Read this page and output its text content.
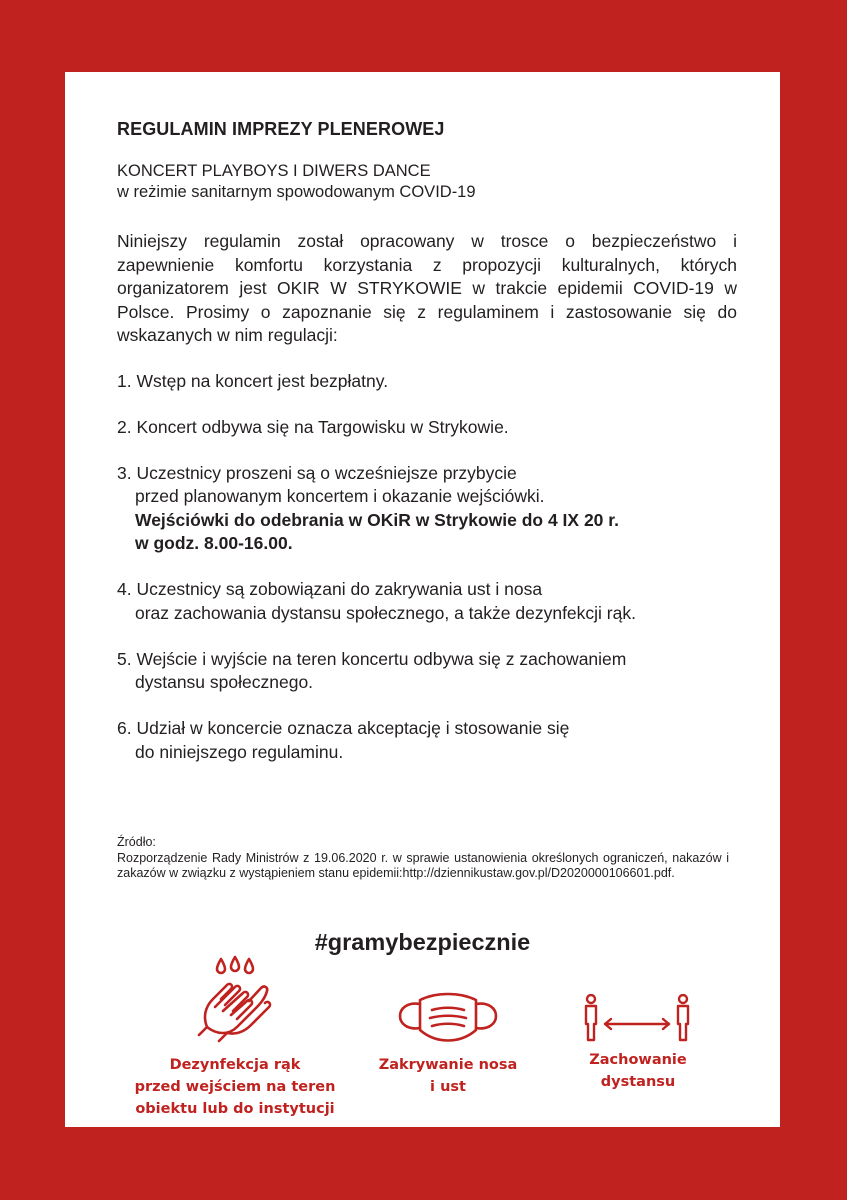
REGULAMIN IMPREZY PLENEROWEJ

KONCERT PLAYBOYS I DIWERS DANCE
w reżimie sanitarnym spowodowanym COVID-19

Niniejszy regulamin został opracowany w trosce o bezpieczeństwo i zapewnienie komfortu korzystania z propozycji kulturalnych, których organizatorem jest OKIR W STRYKOWIE w trakcie epidemii COVID-19 w Polsce. Prosimy o zapoznanie się z regulaminem i zastosowanie się do wskazanych w nim regulacji:

1. Wstęp na koncert jest bezpłatny.
2. Koncert odbywa się na Targowisku w Strykowie.
3. Uczestnicy proszeni są o wcześniejsze przybycie
przed planowanym koncertem i okazanie wejściówki.
Wejściówki do odebrania w OKiR w Strykowie do 4 IX 20 r.
w godz. 8.00-16.00.
4. Uczestnicy są zobowiązani do zakrywania ust i nosa
oraz zachowania dystansu społecznego, a także dezynfekcji rąk.
5. Wejście i wyjście na teren koncertu odbywa się z zachowaniem
dystansu społecznego.
6. Udział w koncercie oznacza akceptację i stosowanie się
do niniejszego regulaminu.
Źródło:
Rozporządzenie Rady Ministrów z 19.06.2020 r. w sprawie ustanowienia określonych ograniczeń, nakazów i zakazów w związku z wystąpieniem stanu epidemii:http://dziennikustaw.gov.pl/D2020000106601.pdf.
#gramybezpiecznie
Dezynfekcja rąk
przed wejściem na teren
obiektu lub do instytucji
Zakrywanie nosa
i ust
Zachowanie
dystansu
